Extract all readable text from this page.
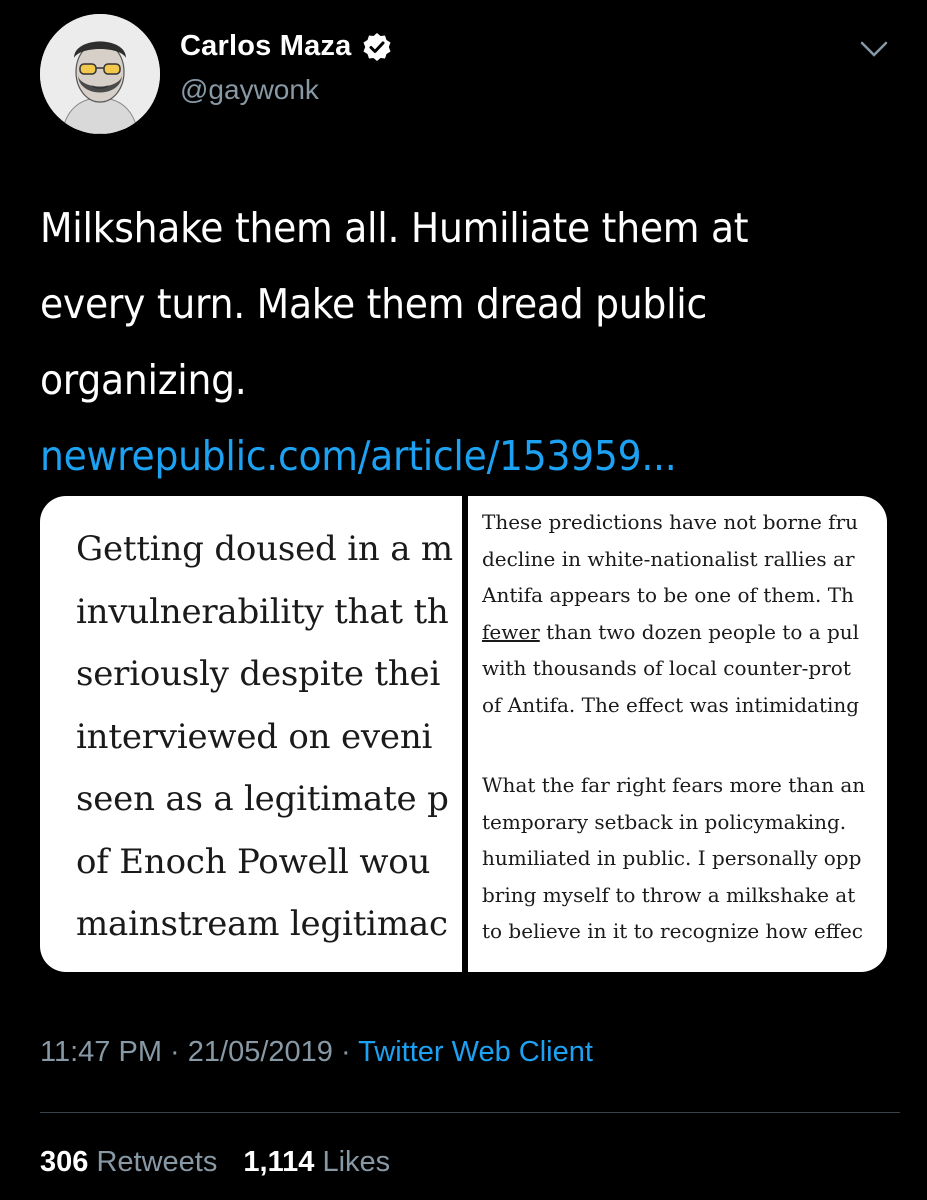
Carlos Maza
@gaywonk
Milkshake them all. Humiliate them at every turn. Make them dread public organizing. newrepublic.com/article/153959...
Getting doused in a m
invulnerability that th
seriously despite thei
interviewed on eveni
seen as a legitimate p
of Enoch Powell wou
mainstream legitimac
These predictions have not borne fru
decline in white-nationalist rallies ar
Antifa appears to be one of them. Th
fewer than two dozen people to a pul
with thousands of local counter-prot
of Antifa. The effect was intimidating
What the far right fears more than an
temporary setback in policymaking.
humiliated in public. I personally opp
bring myself to throw a milkshake at
to believe in it to recognize how effec
11:47 PM · 21/05/2019 · Twitter Web Client
306 Retweets 1,114 Likes
